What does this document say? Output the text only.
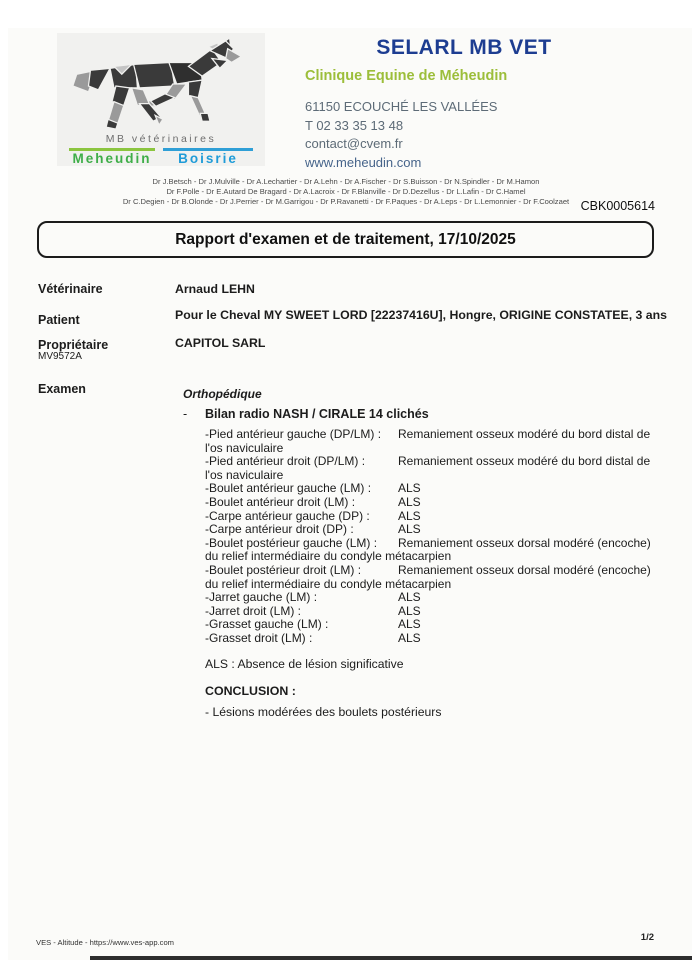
MB vétérinaires
Meheudin	Boisrie
SELARL MB VET
Clinique Equine de Méheudin
61150 ECOUCHÉ LES VALLÉES
T 02 33 35 13 48
contact@cvem.fr
www.meheudin.com
Dr J.Betsch - Dr J.Mulville - Dr A.Lechartier - Dr A.Lehn - Dr A.Fischer - Dr S.Buisson - Dr N.Spindler - Dr M.Hamon
Dr F.Polle - Dr E.Autard De Bragard - Dr A.Lacroix - Dr F.Blanville - Dr D.Dezellus - Dr L.Lafin - Dr C.Hamel
Dr C.Degien - Dr B.Olonde - Dr J.Perrier - Dr M.Garrigou - Dr P.Ravanetti - Dr F.Paques - Dr A.Leps - Dr L.Lemonnier - Dr F.Coolzaet CBK0005614
Rapport d'examen et de traitement, 17/10/2025
Vétérinaire	Arnaud LEHN
Patient	Pour le Cheval MY SWEET LORD [22237416U], Hongre, ORIGINE CONSTATEE, 3 ans
Propriétaire
MV9572A
CAPITOL SARL
Examen	Orthopédique
- Bilan radio NASH / CIRALE 14 clichés
-Pied antérieur gauche (DP/LM) : Remaniement osseux modéré du bord distal de
l'os naviculaire
-Pied antérieur droit (DP/LM) :	Remaniement osseux modéré du bord distal de
l'os naviculaire
-Boulet antérieur gauche (LM) : ALS
-Boulet antérieur droit (LM) :	ALS
-Carpe antérieur gauche (DP) : ALS
-Carpe antérieur droit (DP) :	ALS
-Boulet postérieur gauche (LM) : Remaniement osseux dorsal modéré (encoche)
du relief intermédiaire du condyle métacarpien
-Boulet postérieur droit (LM) :	Remaniement osseux dorsal modéré (encoche)
du relief intermédiaire du condyle métacarpien
-Jarret gauche (LM) :	ALS
-Jarret droit (LM) :	ALS
-Grasset gauche (LM) :	ALS
-Grasset droit (LM) :	ALS
ALS : Absence de lésion significative
CONCLUSION :
- Lésions modérées des boulets postérieurs
VES - Altitude - https://www.ves-app.com	1/2
